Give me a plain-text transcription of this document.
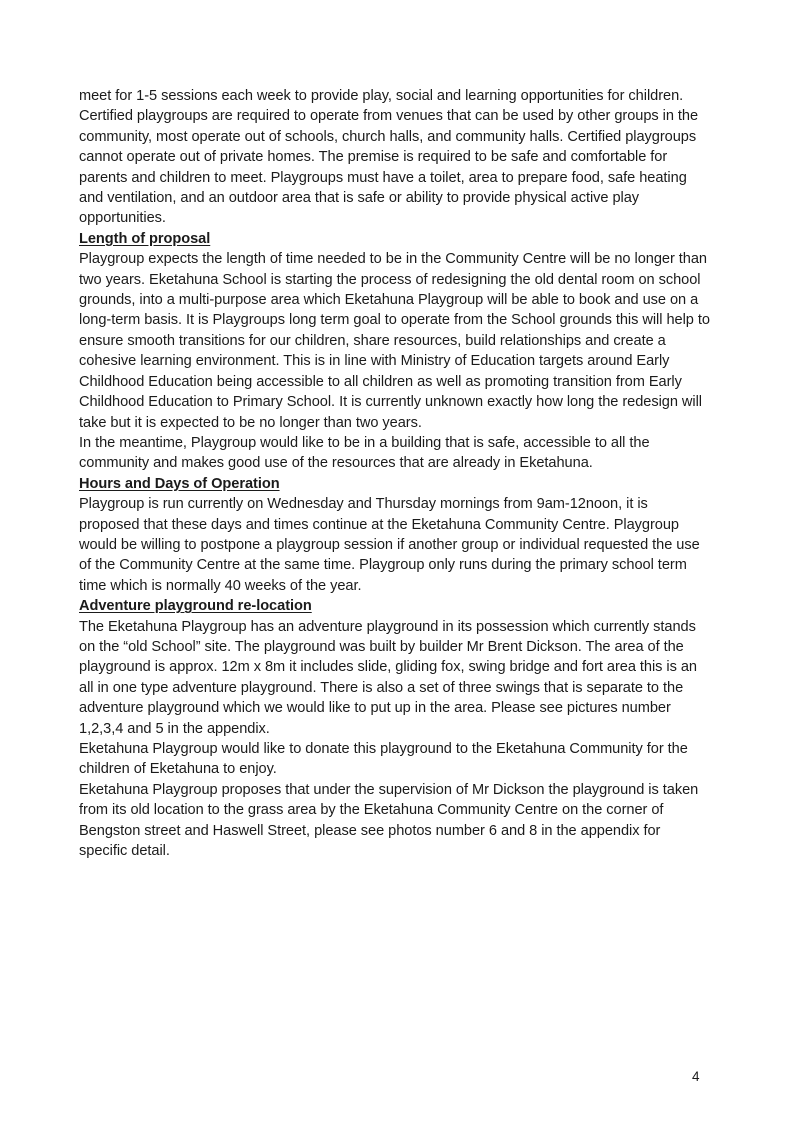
meet for 1-5 sessions each week to provide play, social and learning opportunities for children.

Certified playgroups are required to operate from venues that can be used by other groups in the community, most operate out of schools, church halls, and community halls. Certified playgroups cannot operate out of private homes. The premise is required to be safe and comfortable for parents and children to meet. Playgroups must have a toilet, area to prepare food, safe heating and ventilation, and an outdoor area that is safe or ability to provide physical active play opportunities.

Length of proposal

Playgroup expects the length of time needed to be in the Community Centre will be no longer than two years. Eketahuna School is starting the process of redesigning the old dental room on school grounds, into a multi-purpose area which Eketahuna Playgroup will be able to book and use on a long-term basis. It is Playgroups long term goal to operate from the School grounds this will help to ensure smooth transitions for our children, share resources, build relationships and create a cohesive learning environment. This is in line with Ministry of Education targets around Early Childhood Education being accessible to all children as well as promoting transition from Early Childhood Education to Primary School. It is currently unknown exactly how long the redesign will take but it is expected to be no longer than two years.

In the meantime, Playgroup would like to be in a building that is safe, accessible to all the community and makes good use of the resources that are already in Eketahuna.

Hours and Days of Operation

Playgroup is run currently on Wednesday and Thursday mornings from 9am-12noon, it is proposed that these days and times continue at the Eketahuna Community Centre. Playgroup would be willing to postpone a playgroup session if another group or individual requested the use of the Community Centre at the same time. Playgroup only runs during the primary school term time which is normally 40 weeks of the year.

Adventure playground re-location

The Eketahuna Playgroup has an adventure playground in its possession which currently stands on the “old School” site. The playground was built by builder Mr Brent Dickson. The area of the playground is approx. 12m x 8m it includes slide, gliding fox, swing bridge and fort area this is an all in one type adventure playground. There is also a set of three swings that is separate to the adventure playground which we would like to put up in the area. Please see pictures number 1,2,3,4 and 5 in the appendix.

Eketahuna Playgroup would like to donate this playground to the Eketahuna Community for the children of Eketahuna to enjoy.

Eketahuna Playgroup proposes that under the supervision of Mr Dickson the playground is taken from its old location to the grass area by the Eketahuna Community Centre on the corner of Bengston street and Haswell Street, please see photos number 6 and 8 in the appendix for specific detail.

4
